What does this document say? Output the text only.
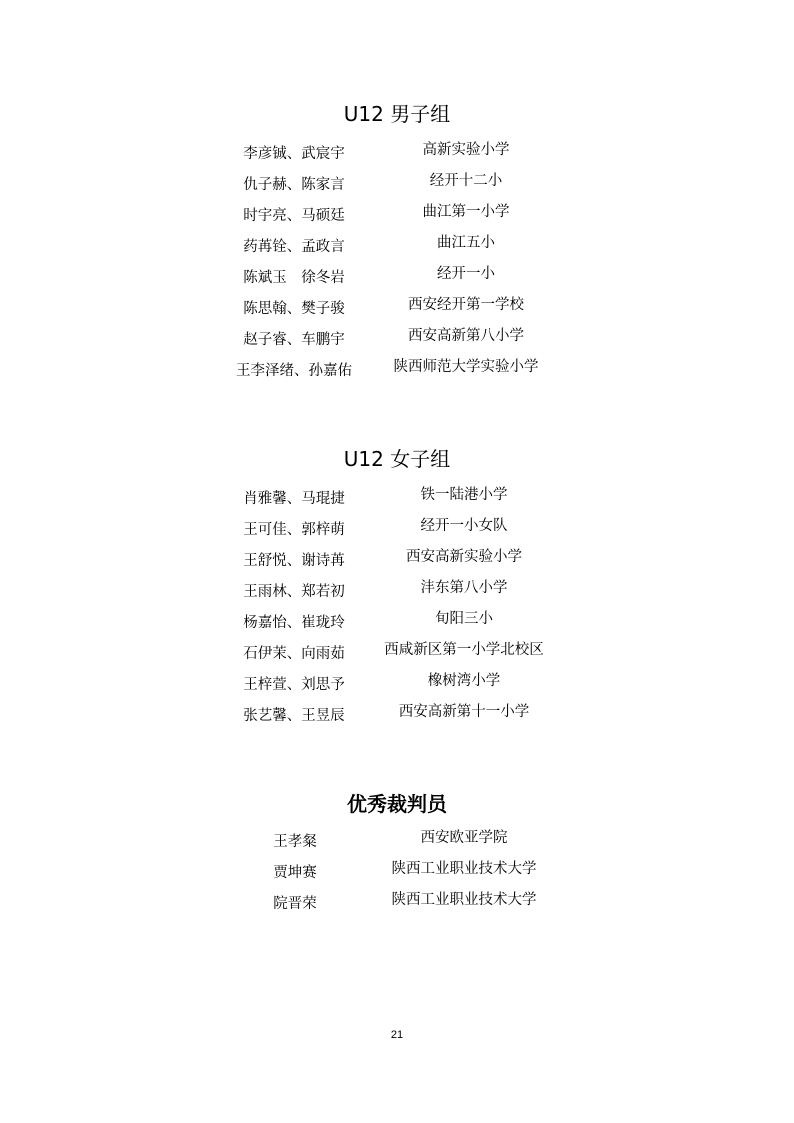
U12 男子组
李彦铖、武宸宇	高新实验小学
仇子赫、陈家言	经开十二小
时宇亮、马硕廷	曲江第一小学
药苒铨、孟政言	曲江五小
陈斌玉　徐冬岩	经开一小
陈思翰、樊子骏	西安经开第一学校
赵子睿、车鹏宇	西安高新第八小学
王李泽绪、孙嘉佑	陕西师范大学实验小学
U12 女子组
肖雅馨、马琨捷	铁一陆港小学
王可佳、郭梓萌	经开一小女队
王舒悦、谢诗苒	西安高新实验小学
王雨林、郑若初	沣东第八小学
杨嘉怡、崔珑玲	旬阳三小
石伊茉、向雨茹	西咸新区第一小学北校区
王梓萱、刘思予	橡树湾小学
张艺馨、王昱辰	西安高新第十一小学
优秀裁判员
王孝粲	西安欧亚学院
贾坤赛	陕西工业职业技术大学
院晋荣	陕西工业职业技术大学
21
